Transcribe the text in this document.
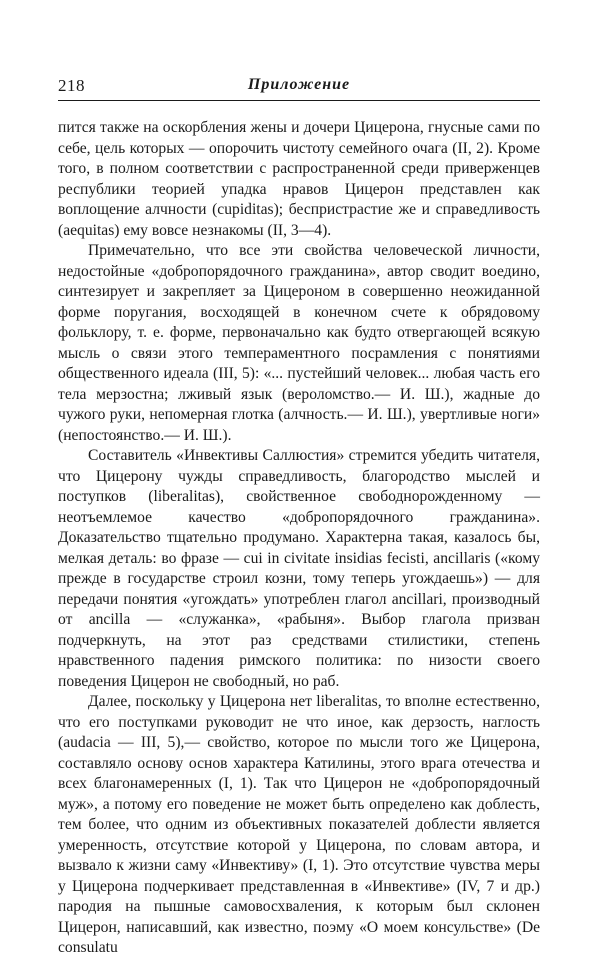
218	Приложение

пится также на оскорбления жены и дочери Цицерона, гнусные сами по себе, цель которых — опорочить чистоту семейного очага (II, 2). Кроме того, в полном соответствии с распространенной среди приверженцев республики теорией упадка нравов Цицерон представлен как воплощение алчности (cupiditas); беспристрастие же и справедливость (aequitas) ему вовсе незнакомы (II, 3—4).

Примечательно, что все эти свойства человеческой личности, недостойные «добропорядочного гражданина», автор сводит воедино, синтезирует и закрепляет за Цицероном в совершенно неожиданной форме поругания, восходящей в конечном счете к обрядовому фольклору, т. е. форме, первоначально как будто отвергающей всякую мысль о связи этого темпераментного посрамления с понятиями общественного идеала (III, 5): «... пустейший человек... любая часть его тела мерзостна; лживый язык (вероломство.— И. Ш.), жадные до чужого руки, непомерная глотка (алчность.— И. Ш.), увертливые ноги» (непостоянство.— И. Ш.).

Составитель «Инвективы Саллюстия» стремится убедить читателя, что Цицерону чужды справедливость, благородство мыслей и поступков (liberalitas), свойственное свободнорожденному — неотъемлемое качество «добропорядочного гражданина». Доказательство тщательно продумано. Характерна такая, казалось бы, мелкая деталь: во фразе — cui in civitate insidias fecisti, ancillaris («кому прежде в государстве строил козни, тому теперь угождаешь») — для передачи понятия «угождать» употреблен глагол ancillari, производный от ancilla — «служанка», «рабыня». Выбор глагола призван подчеркнуть, на этот раз средствами стилистики, степень нравственного падения римского политика: по низости своего поведения Цицерон не свободный, но раб.

Далее, поскольку у Цицерона нет liberalitas, то вполне естественно, что его поступками руководит не что иное, как дерзость, наглость (audacia — III, 5),— свойство, которое по мысли того же Цицерона, составляло основу основ характера Катилины, этого врага отечества и всех благонамеренных (I, 1). Так что Цицерон не «добропорядочный муж», а потому его поведение не может быть определено как доблесть, тем более, что одним из объективных показателей доблести является умеренность, отсутствие которой у Цицерона, по словам автора, и вызвало к жизни саму «Инвективу» (I, 1). Это отсутствие чувства меры у Цицерона подчеркивает представленная в «Инвективе» (IV, 7 и др.) пародия на пышные самовосхваления, к которым был склонен Цицерон, написавший, как известно, поэму «О моем консульстве» (De consulatu
